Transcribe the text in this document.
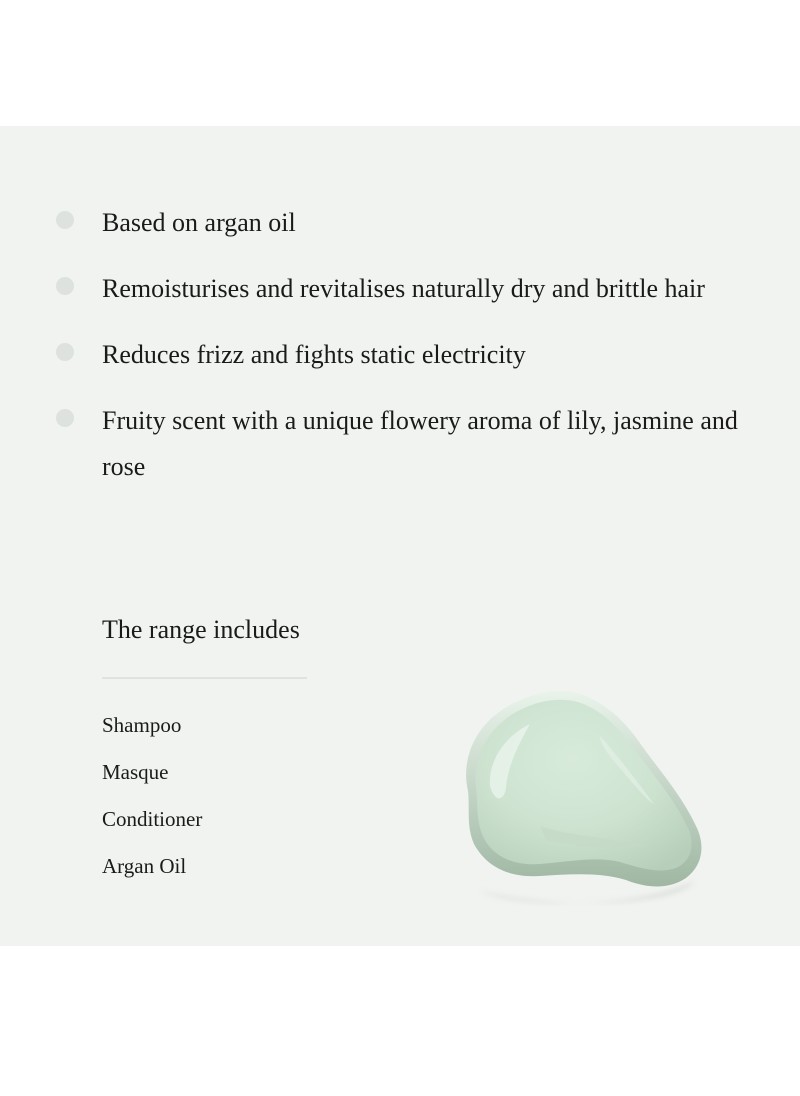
Based on argan oil
Remoisturises and revitalises naturally dry and brittle hair
Reduces frizz and fights static electricity
Fruity scent with a unique flowery aroma of lily, jasmine and rose
The range includes
Shampoo
Masque
Conditioner
Argan Oil
